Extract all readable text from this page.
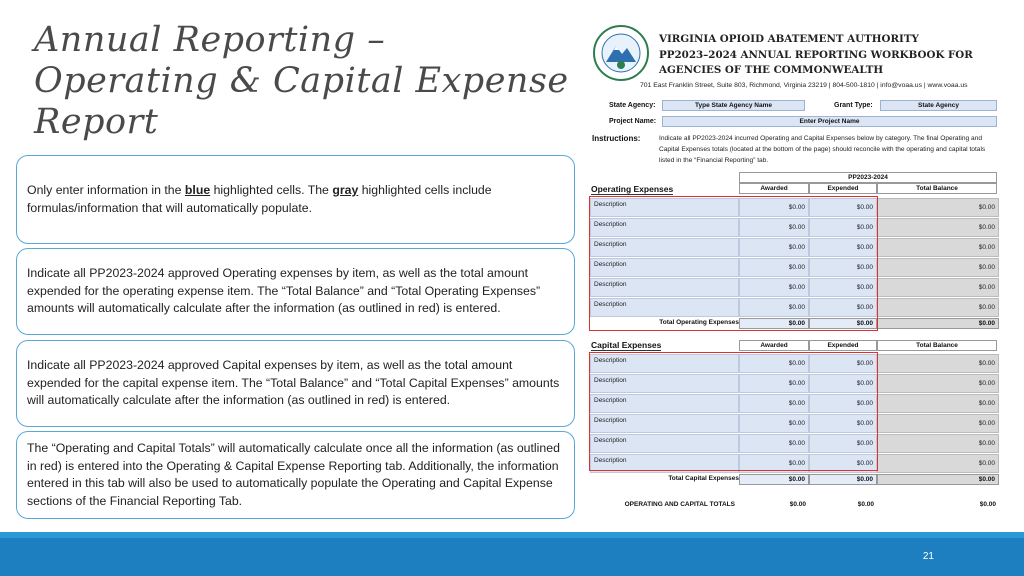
Annual Reporting –
Operating & Capital Expense
Report
Only enter information in the blue highlighted cells. The gray highlighted cells include formulas/information that will automatically populate.
Indicate all PP2023-2024 approved Operating expenses by item, as well as the total amount expended for the operating expense item. The “Total Balance” and “Total Operating Expenses” amounts will automatically calculate after the information (as outlined in red) is entered.
Indicate all PP2023-2024 approved Capital expenses by item, as well as the total amount expended for the capital expense item. The “Total Balance” and “Total Capital Expenses” amounts will automatically calculate after the information (as outlined in red) is entered.
The “Operating and Capital Totals” will automatically calculate once all the information (as outlined in red) is entered into the Operating & Capital Expense Reporting tab. Additionally, the information entered in this tab will also be used to automatically populate the Operating and Capital Expense sections of the Financial Reporting Tab.
VIRGINIA OPIOID ABATEMENT AUTHORITY
PP2023–2024 ANNUAL REPORTING WORKBOOK FOR
AGENCIES OF THE COMMONWEALTH
701 East Franklin Street, Suite 803, Richmond, Virginia 23219 | 804-500-1810 | info@voaa.us | www.voaa.us
State Agency:	Type State Agency Name	Grant Type:	State Agency
Project Name:	Enter Project Name
Instructions:	Indicate all PP2023-2024 incurred Operating and Capital Expenses below by category. The final Operating and Capital Expenses totals (located at the bottom of the page) should reconcile with the operating and capital totals listed in the “Financial Reporting” tab.
PP2023-2024
Operating Expenses	Awarded	Expended	Total Balance
Description	$0.00	$0.00	$0.00
Description	$0.00	$0.00	$0.00
Description	$0.00	$0.00	$0.00
Description	$0.00	$0.00	$0.00
Description	$0.00	$0.00	$0.00
Description	$0.00	$0.00	$0.00
Total Operating Expenses	$0.00	$0.00	$0.00
Capital Expenses	Awarded	Expended	Total Balance
Description	$0.00	$0.00	$0.00
Description	$0.00	$0.00	$0.00
Description	$0.00	$0.00	$0.00
Description	$0.00	$0.00	$0.00
Description	$0.00	$0.00	$0.00
Description	$0.00	$0.00	$0.00
Total Capital Expenses	$0.00	$0.00	$0.00
OPERATING AND CAPITAL TOTALS	$0.00	$0.00	$0.00
21
